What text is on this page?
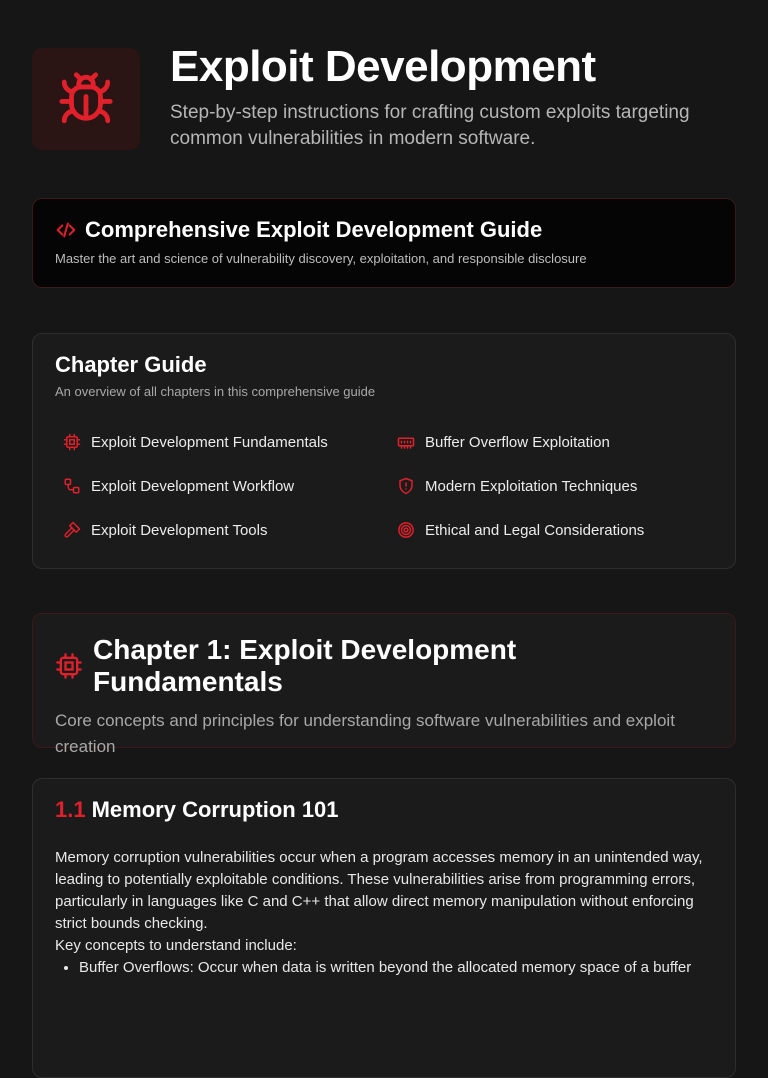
Exploit Development

Step-by-step instructions for crafting custom exploits targeting common vulnerabilities in modern software.

Comprehensive Exploit Development Guide
Master the art and science of vulnerability discovery, exploitation, and responsible disclosure
Chapter Guide
An overview of all chapters in this comprehensive guide
Exploit Development Fundamentals	Buffer Overflow Exploitation
Exploit Development Workflow	Modern Exploitation Techniques
Exploit Development Tools	Ethical and Legal Considerations
Chapter 1: Exploit Development Fundamentals
Core concepts and principles for understanding software vulnerabilities and exploit creation
1.1 Memory Corruption 101

Memory corruption vulnerabilities occur when a program accesses memory in an unintended way, leading to potentially exploitable conditions. These vulnerabilities arise from programming errors, particularly in languages like C and C++ that allow direct memory manipulation without enforcing strict bounds checking.

Key concepts to understand include:

• Buffer Overflows: Occur when data is written beyond the allocated memory space of a buffer
